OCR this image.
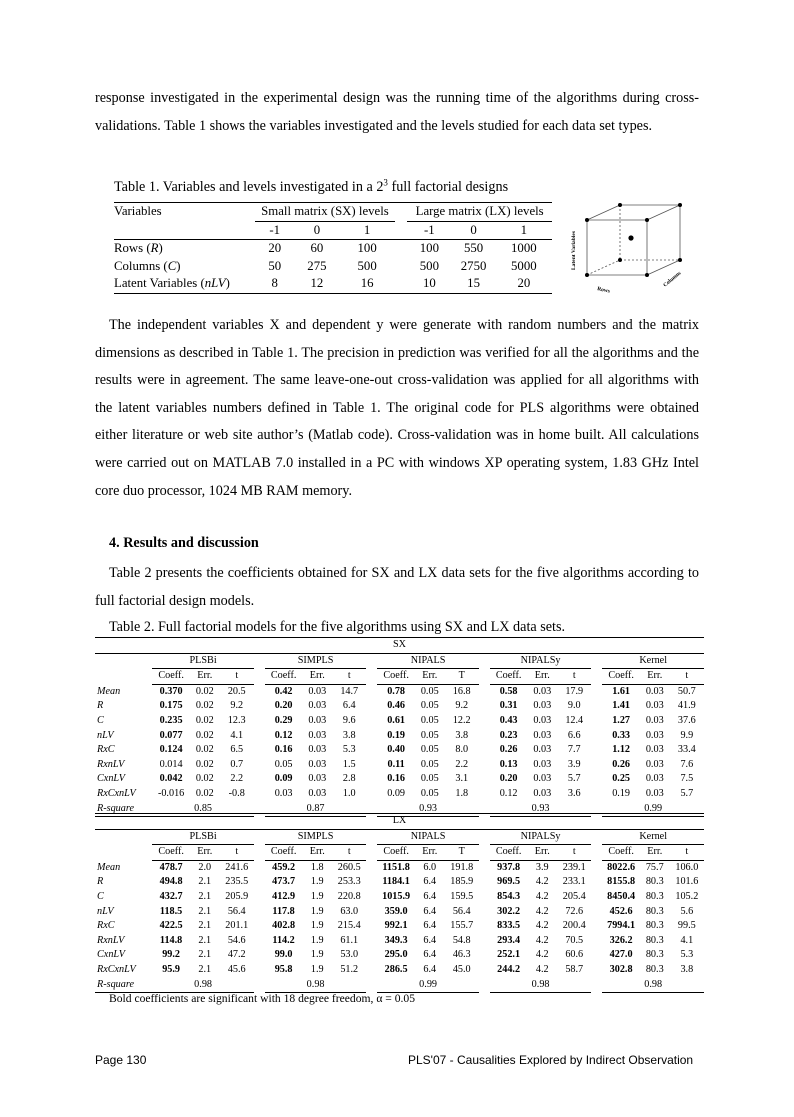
response investigated in the experimental design was the running time of the algorithms during cross-validations. Table 1 shows the variables investigated and the levels studied for each data set types.

Table 1. Variables and levels investigated in a $2^3$ full factorial designs

Variables	Small matrix (SX) levels				Large matrix (LX) levels		
	-1	0	1		-1	0	1
Rows (R)	20	60	100		100	550	1000
Columns (C)	50	275	500		500	2750	5000
Latent Variables (nLV)	8	12	16		10	15	20
Latent Variables
Rows
Columns

The independent variables X and dependent y were generate with random numbers and the matrix dimensions as described in Table 1. The precision in prediction was verified for all the algorithms and the results were in agreement. The same leave-one-out cross-validation was applied for all algorithms with the latent variables numbers defined in Table 1. The original code for PLS algorithms were obtained either literature or web site author’s (Matlab code). Cross-validation was in home built. All calculations were carried out on MATLAB 7.0 installed in a PC with windows XP operating system, 1.83 GHz Intel core duo processor, 1024 MB RAM memory.

4. Results and discussion

Table 2 presents the coefficients obtained for SX and LX data sets for the five algorithms according to full factorial design models.

Table 2. Full factorial models for the five algorithms using SX and LX data sets.

SX																			
	PLSBi				SIMPLS				NIPALS				NIPALSy				Kernel		
	Coeff.	Err.	t		Coeff.	Err.	t		Coeff.	Err.	T		Coeff.	Err.	t		Coeff.	Err.	t
Mean	0.370	0.02	20.5		0.42	0.03	14.7		0.78	0.05	16.8		0.58	0.03	17.9		1.61	0.03	50.7
R	0.175	0.02	9.2		0.20	0.03	6.4		0.46	0.05	9.2		0.31	0.03	9.0		1.41	0.03	41.9
C	0.235	0.02	12.3		0.29	0.03	9.6		0.61	0.05	12.2		0.43	0.03	12.4		1.27	0.03	37.6
nLV	0.077	0.02	4.1		0.12	0.03	3.8		0.19	0.05	3.8		0.23	0.03	6.6		0.33	0.03	9.9
RxC	0.124	0.02	6.5		0.16	0.03	5.3		0.40	0.05	8.0		0.26	0.03	7.7		1.12	0.03	33.4
RxnLV	0.014	0.02	0.7		0.05	0.03	1.5		0.11	0.05	2.2		0.13	0.03	3.9		0.26	0.03	7.6
CxnLV	0.042	0.02	2.2		0.09	0.03	2.8		0.16	0.05	3.1		0.20	0.03	5.7		0.25	0.03	7.5
RxCxnLV	-0.016	0.02	-0.8		0.03	0.03	1.0		0.09	0.05	1.8		0.12	0.03	3.6		0.19	0.03	5.7
R-square	0.85				0.87				0.93				0.93				0.99		
LX																			
	PLSBi				SIMPLS				NIPALS				NIPALSy				Kernel		
	Coeff.	Err.	t		Coeff.	Err.	t		Coeff.	Err.	T		Coeff.	Err.	t		Coeff.	Err.	t
Mean	478.7	2.0	241.6		459.2	1.8	260.5		1151.8	6.0	191.8		937.8	3.9	239.1		8022.6	75.7	106.0
R	494.8	2.1	235.5		473.7	1.9	253.3		1184.1	6.4	185.9		969.5	4.2	233.1		8155.8	80.3	101.6
C	432.7	2.1	205.9		412.9	1.9	220.8		1015.9	6.4	159.5		854.3	4.2	205.4		8450.4	80.3	105.2
nLV	118.5	2.1	56.4		117.8	1.9	63.0		359.0	6.4	56.4		302.2	4.2	72.6		452.6	80.3	5.6
RxC	422.5	2.1	201.1		402.8	1.9	215.4		992.1	6.4	155.7		833.5	4.2	200.4		7994.1	80.3	99.5
RxnLV	114.8	2.1	54.6		114.2	1.9	61.1		349.3	6.4	54.8		293.4	4.2	70.5		326.2	80.3	4.1
CxnLV	99.2	2.1	47.2		99.0	1.9	53.0		295.0	6.4	46.3		252.1	4.2	60.6		427.0	80.3	5.3
RxCxnLV	95.9	2.1	45.6		95.8	1.9	51.2		286.5	6.4	45.0		244.2	4.2	58.7		302.8	80.3	3.8
R-square	0.98				0.98				0.99				0.98				0.98		

Bold coefficients are significant with 18 degree freedom, α = 0.05

Page 130	PLS'07 - Causalities Explored by Indirect Observation
